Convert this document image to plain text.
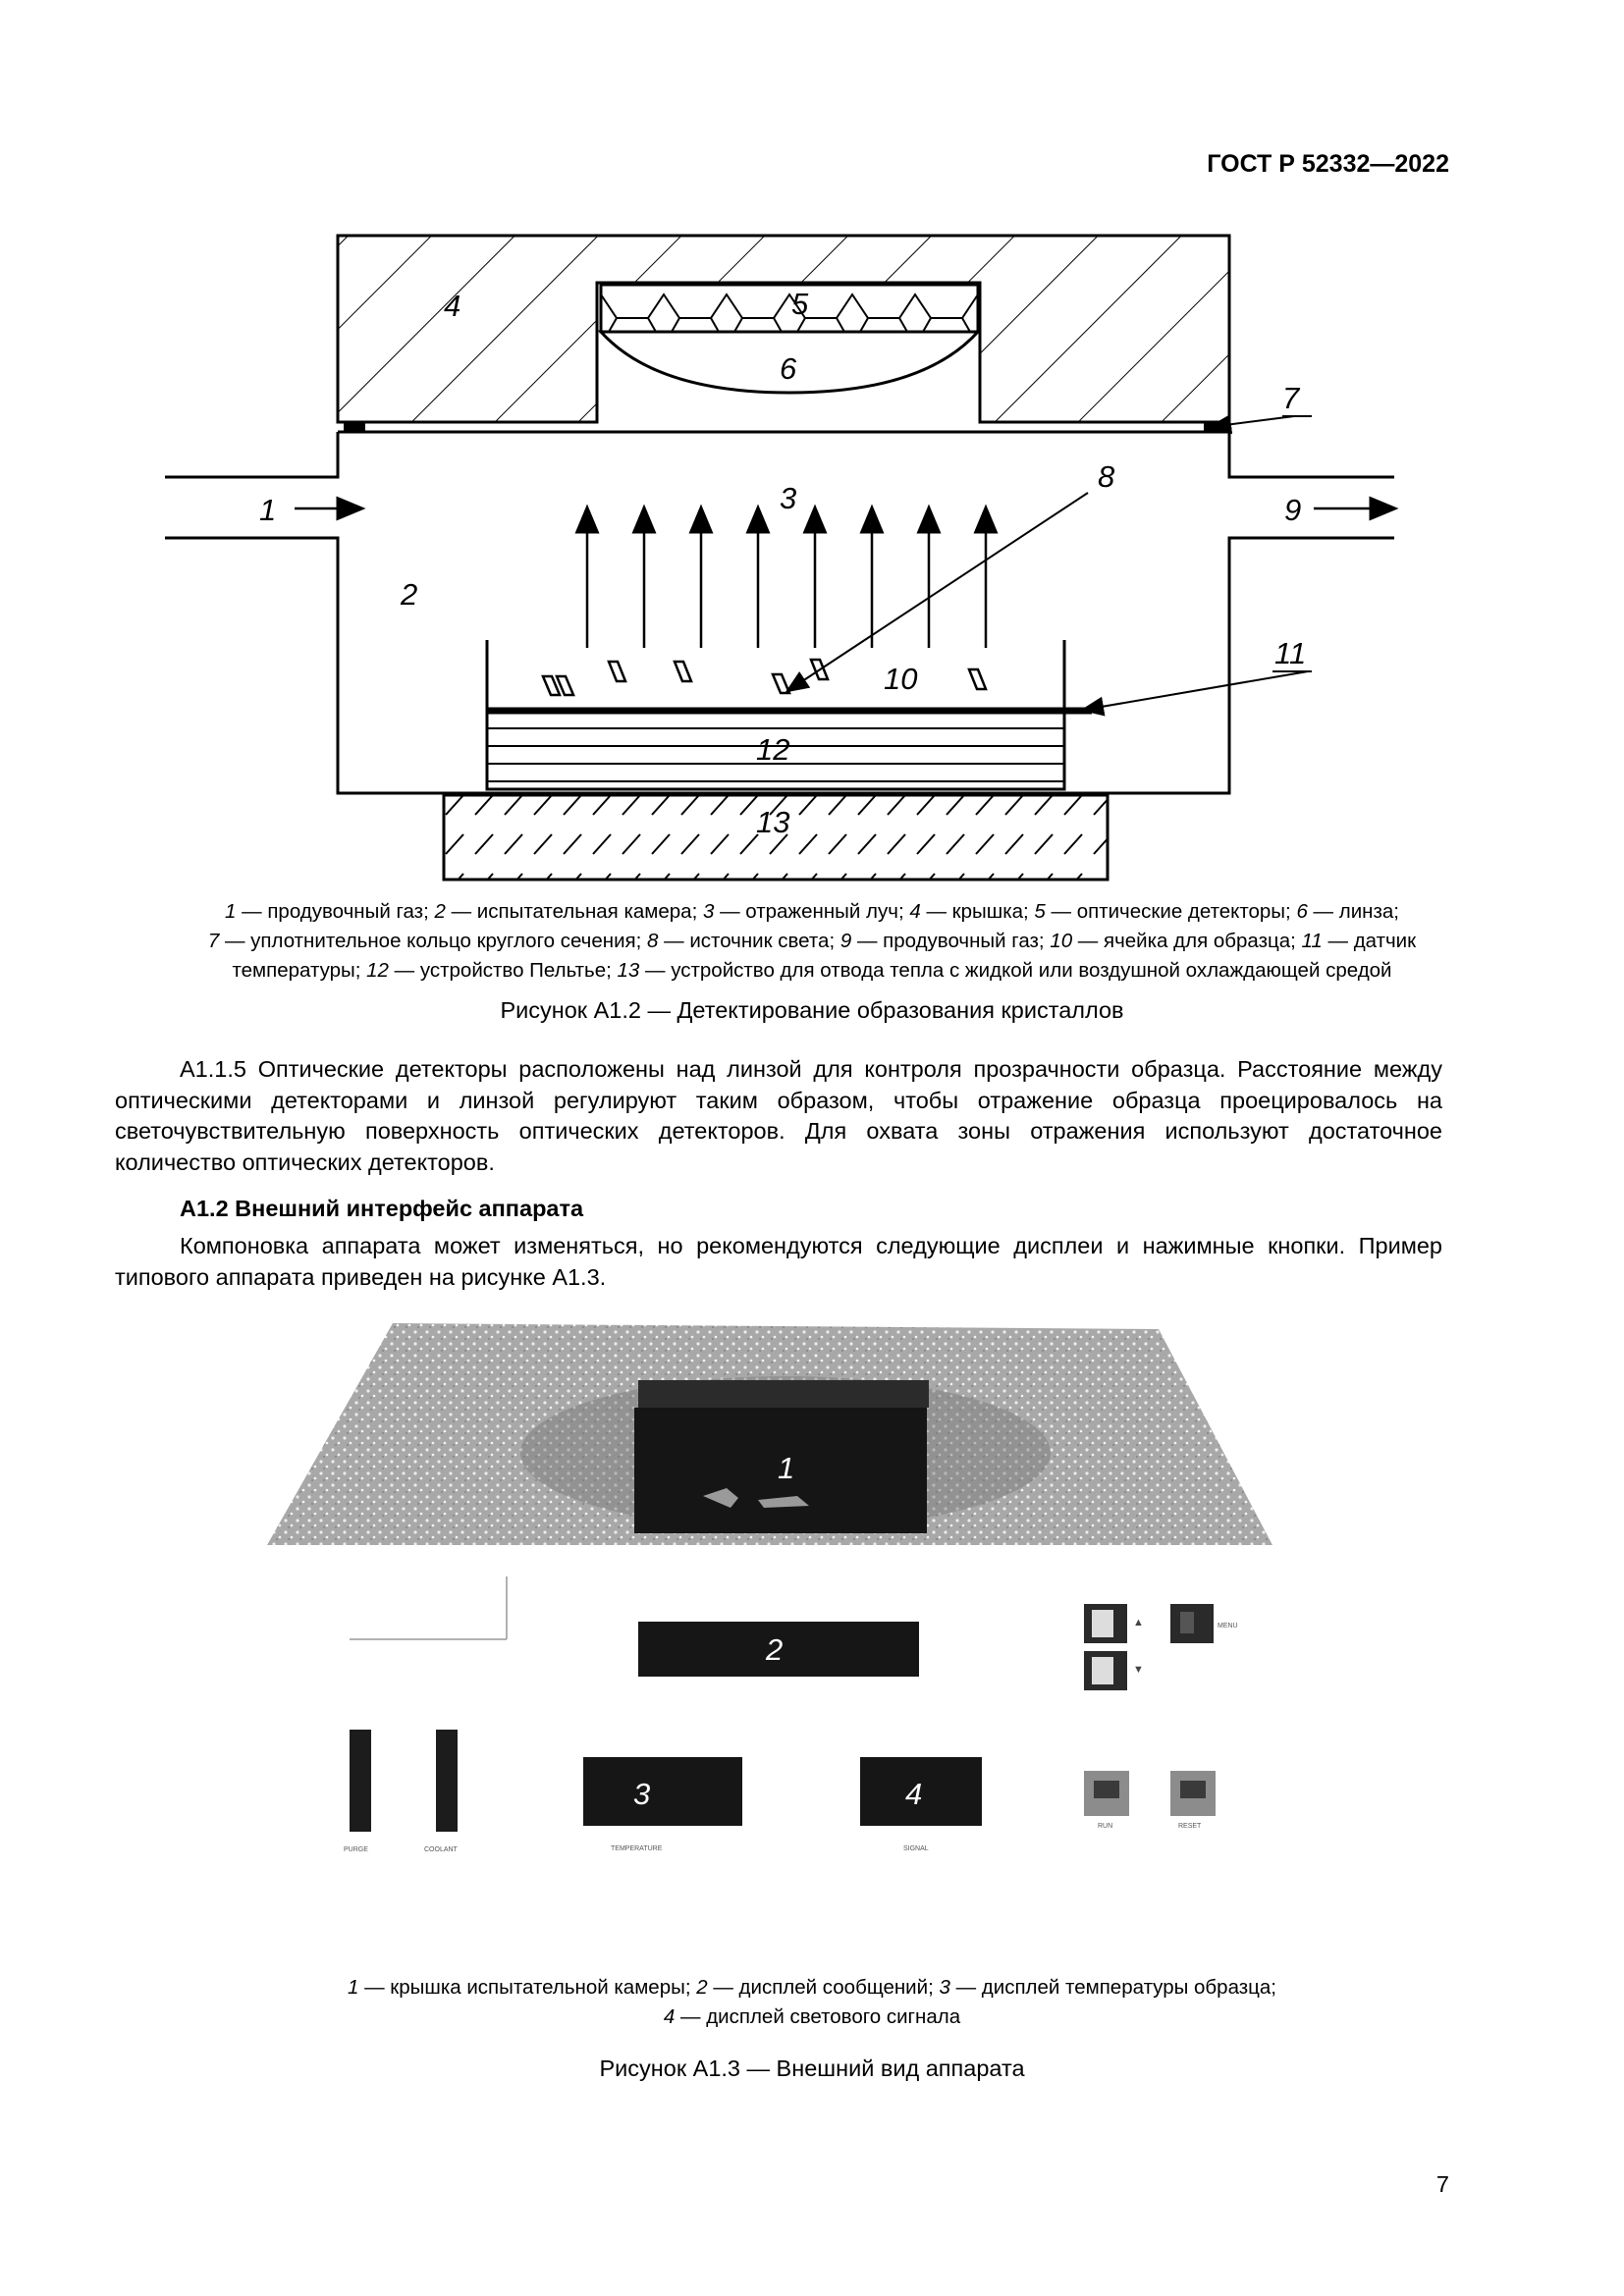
ГОСТ Р 52332—2022
1
2
3
4	5
6
7
8
9
10
11
12
13
1 — продувочный газ; 2 — испытательная камера; 3 — отраженный луч; 4 — крышка; 5 — оптические детекторы; 6 — линза;
7 — уплотнительное кольцо круглого сечения; 8 — источник света; 9 — продувочный газ; 10 — ячейка для образца; 11 — датчик
температуры; 12 — устройство Пельтье; 13 — устройство для отвода тепла с жидкой или воздушной охлаждающей средой
Рисунок А1.2 — Детектирование образования кристаллов
А1.1.5 Оптические детекторы расположены над линзой для контроля прозрачности образца. Расстояние между оптическими детекторами и линзой регулируют таким образом, чтобы отражение образца проецировалось на светочувствительную поверхность оптических детекторов. Для охвата зоны отражения используют достаточное количество оптических детекторов.
А1.2 Внешний интерфейс аппарата
Компоновка аппарата может изменяться, но рекомендуются следующие дисплеи и нажимные кнопки. Пример типового аппарата приведен на рисунке А1.3.
1
2
PURGE	COOLANT
3
TEMPERATURE
4
SIGNAL
▲
▼
MENU
RUN	RESET
1 — крышка испытательной камеры; 2 — дисплей сообщений; 3 — дисплей температуры образца;
4 — дисплей светового сигнала
Рисунок А1.3 — Внешний вид аппарата
7
